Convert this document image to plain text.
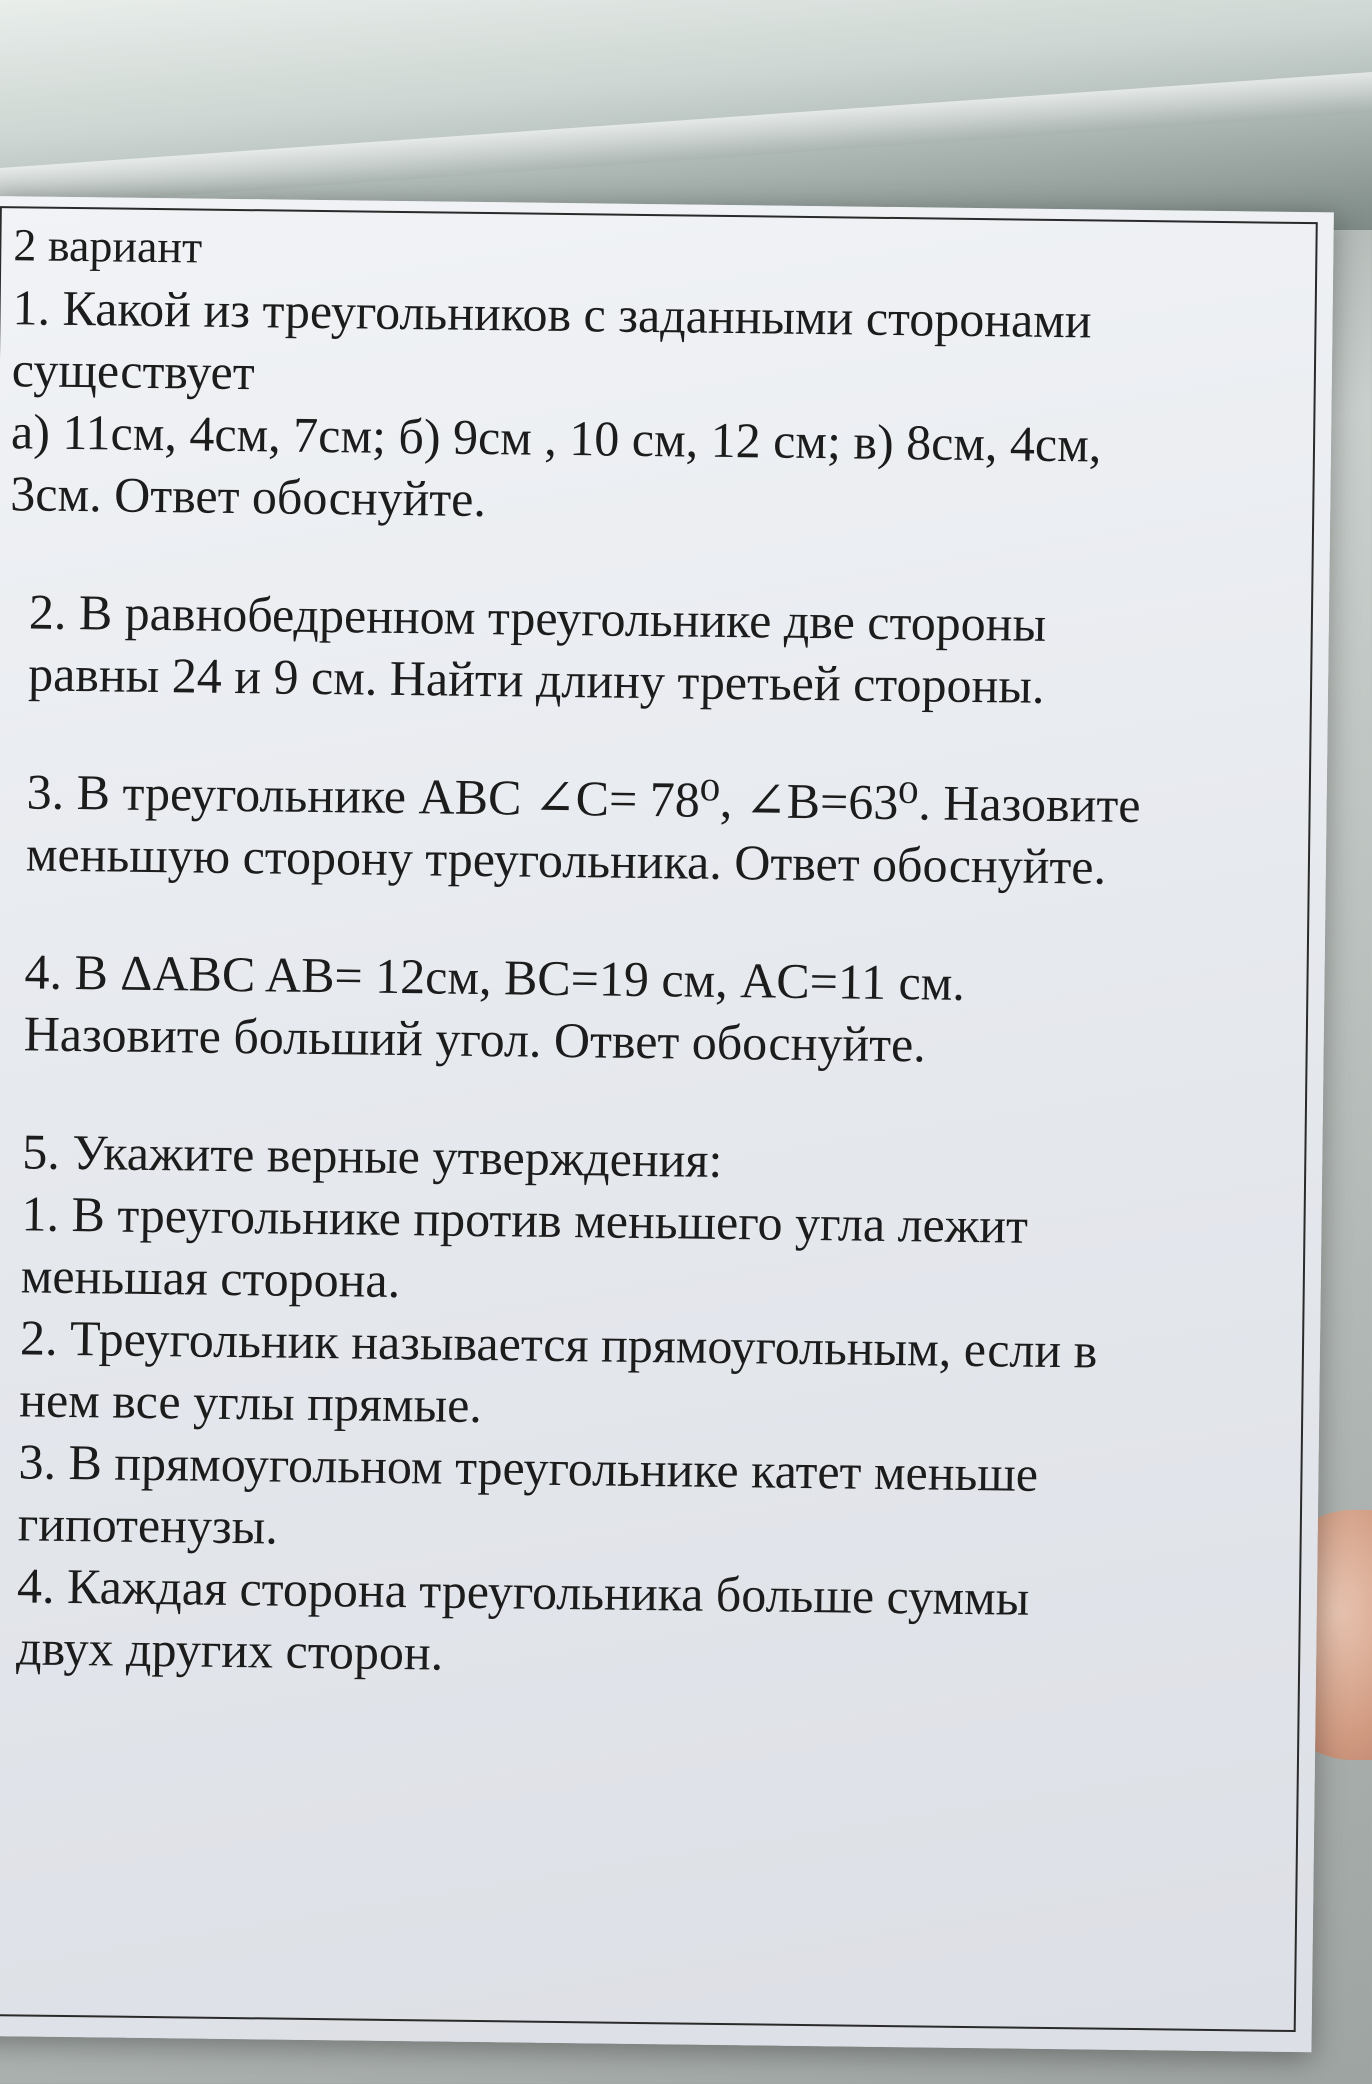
2 вариант
1. Какой из треугольников с заданными сторонами
существует
а) 11см, 4см, 7см; б) 9см , 10 см, 12 см; в) 8см, 4см,
3см. Ответ обоснуйте.
2. В равнобедренном треугольнике две стороны
равны 24 и 9 см. Найти длину третьей стороны.
3. В треугольнике ABC ∠C= 78⁰, ∠B=63⁰. Назовите
меньшую сторону треугольника. Ответ обоснуйте.
4. В ΔABC AB= 12см, BC=19 см, AC=11 см.
Назовите больший угол. Ответ обоснуйте.
5. Укажите верные утверждения:
1. В треугольнике против меньшего угла лежит
меньшая сторона.
2. Треугольник называется прямоугольным, если в
нем все углы прямые.
3. В прямоугольном треугольнике катет меньше
гипотенузы.
4. Каждая сторона треугольника больше суммы
двух других сторон.
